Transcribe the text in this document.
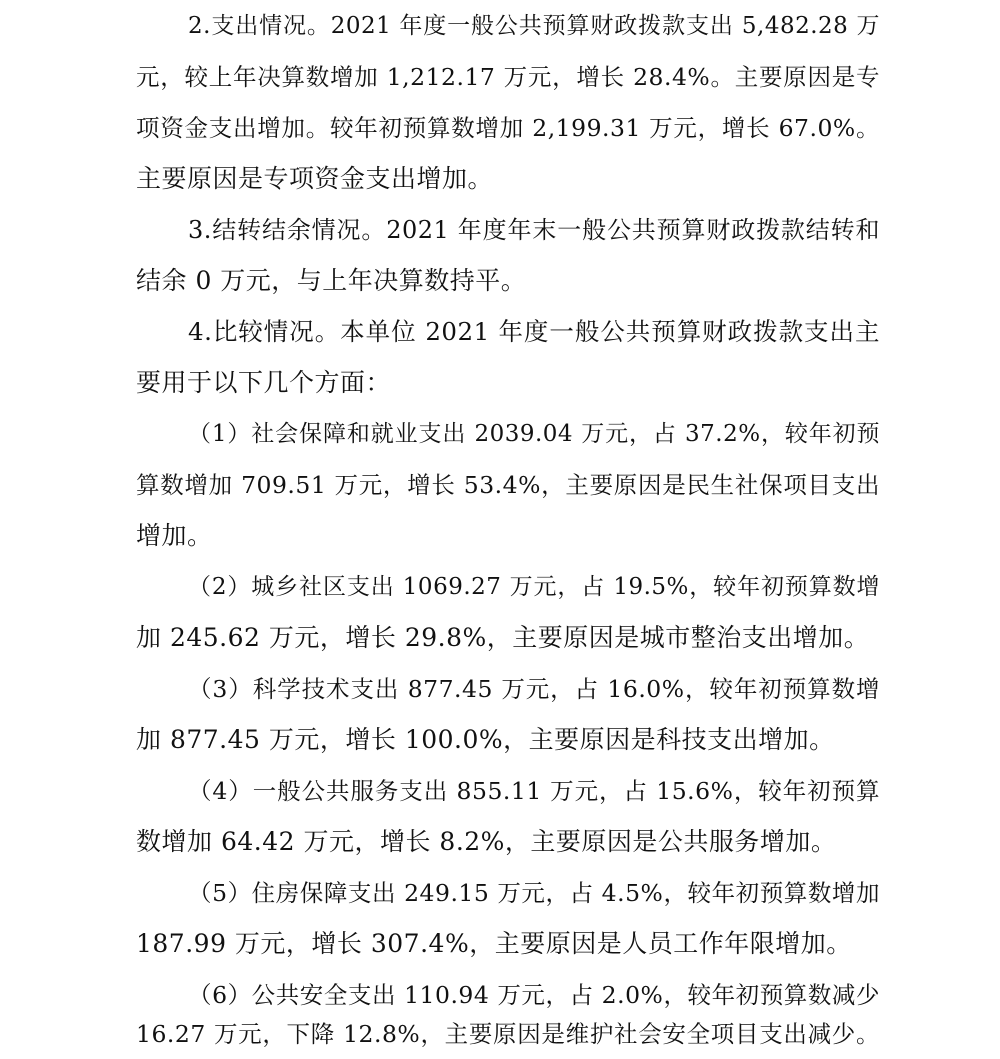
2.支出情况。2021 年度一般公共预算财政拨款支出 5,482.28 万
元，较上年决算数增加 1,212.17 万元，增长 28.4%。主要原因是专
项资金支出增加。较年初预算数增加 2,199.31 万元，增长 67.0%。
主要原因是专项资金支出增加。
3.结转结余情况。2021 年度年末一般公共预算财政拨款结转和
结余 0 万元，与上年决算数持平。
4.比较情况。本单位 2021 年度一般公共预算财政拨款支出主
要用于以下几个方面：
（1）社会保障和就业支出 2039.04 万元，占 37.2%，较年初预
算数增加 709.51 万元，增长 53.4%，主要原因是民生社保项目支出
增加。
（2）城乡社区支出 1069.27 万元，占 19.5%，较年初预算数增
加 245.62 万元，增长 29.8%，主要原因是城市整治支出增加。
（3）科学技术支出 877.45 万元，占 16.0%，较年初预算数增
加 877.45 万元，增长 100.0%，主要原因是科技支出增加。
（4）一般公共服务支出 855.11 万元，占 15.6%，较年初预算
数增加 64.42 万元，增长 8.2%，主要原因是公共服务增加。
（5）住房保障支出 249.15 万元，占 4.5%，较年初预算数增加
187.99 万元，增长 307.4%，主要原因是人员工作年限增加。
（6）公共安全支出 110.94 万元，占 2.0%，较年初预算数减少
16.27 万元，下降 12.8%，主要原因是维护社会安全项目支出减少。
